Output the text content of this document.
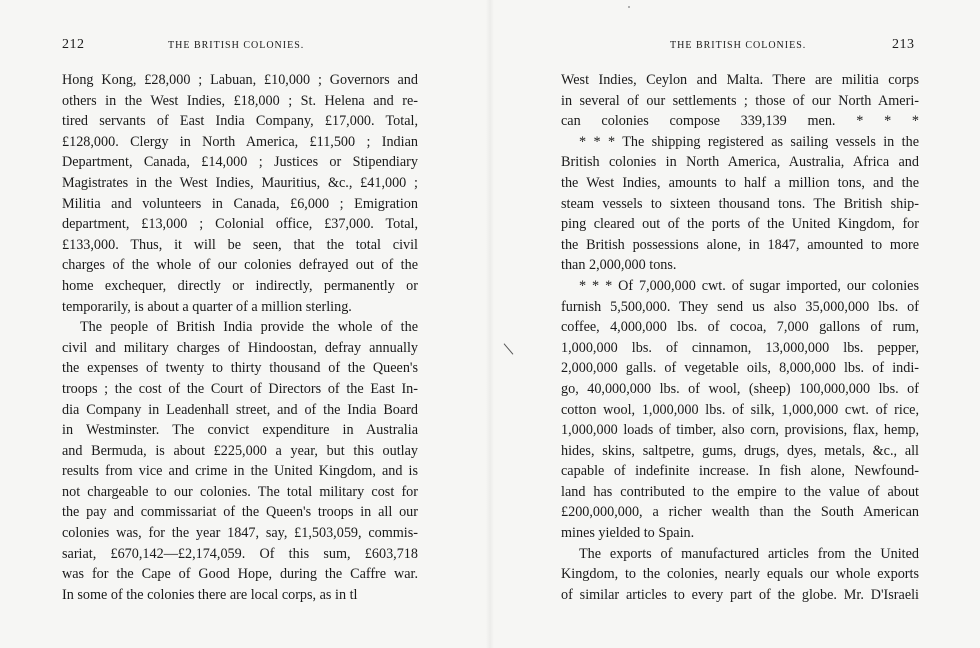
212	THE BRITISH COLONIES.
Hong Kong, £28,000 ; Labuan, £10,000 ; Governors and
others in the West Indies, £18,000 ; St. Helena and re-
tired servants of East India Company, £17,000. Total,
£128,000. Clergy in North America, £11,500 ; Indian
Department, Canada, £14,000 ; Justices or Stipendiary
Magistrates in the West Indies, Mauritius, &c., £41,000 ;
Militia and volunteers in Canada, £6,000 ; Emigration
department, £13,000 ; Colonial office, £37,000. Total,
£133,000. Thus, it will be seen, that the total civil
charges of the whole of our colonies defrayed out of the
home exchequer, directly or indirectly, permanently or
temporarily, is about a quarter of a million sterling.
The people of British India provide the whole of the
civil and military charges of Hindoostan, defray annually
the expenses of twenty to thirty thousand of the Queen's
troops ; the cost of the Court of Directors of the East In-
dia Company in Leadenhall street, and of the India Board
in Westminster. The convict expenditure in Australia
and Bermuda, is about £225,000 a year, but this outlay
results from vice and crime in the United Kingdom, and is
not chargeable to our colonies. The total military cost for
the pay and commissariat of the Queen's troops in all our
colonies was, for the year 1847, say, £1,503,059, commis-
sariat, £670,142—£2,174,059. Of this sum, £603,718
was for the Cape of Good Hope, during the Caffre war.
In some of the colonies there are local corps, as in tl
THE BRITISH COLONIES.	213
West Indies, Ceylon and Malta. There are militia corps
in several of our settlements ; those of our North Ameri-
can colonies compose 339,139 men. * * *
* * * The shipping registered as sailing vessels in the
British colonies in North America, Australia, Africa and
the West Indies, amounts to half a million tons, and the
steam vessels to sixteen thousand tons. The British ship-
ping cleared out of the ports of the United Kingdom, for
the British possessions alone, in 1847, amounted to more
than 2,000,000 tons.
* * * Of 7,000,000 cwt. of sugar imported, our colonies
furnish 5,500,000. They send us also 35,000,000 lbs. of
coffee, 4,000,000 lbs. of cocoa, 7,000 gallons of rum,
1,000,000 lbs. of cinnamon, 13,000,000 lbs. pepper,
2,000,000 galls. of vegetable oils, 8,000,000 lbs. of indi-
go, 40,000,000 lbs. of wool, (sheep) 100,000,000 lbs. of
cotton wool, 1,000,000 lbs. of silk, 1,000,000 cwt. of rice,
1,000,000 loads of timber, also corn, provisions, flax, hemp,
hides, skins, saltpetre, gums, drugs, dyes, metals, &c., all
capable of indefinite increase. In fish alone, Newfound-
land has contributed to the empire to the value of about
£200,000,000, a richer wealth than the South American
mines yielded to Spain.
The exports of manufactured articles from the United
Kingdom, to the colonies, nearly equals our whole exports
of similar articles to every part of the globe. Mr. D'Israeli
